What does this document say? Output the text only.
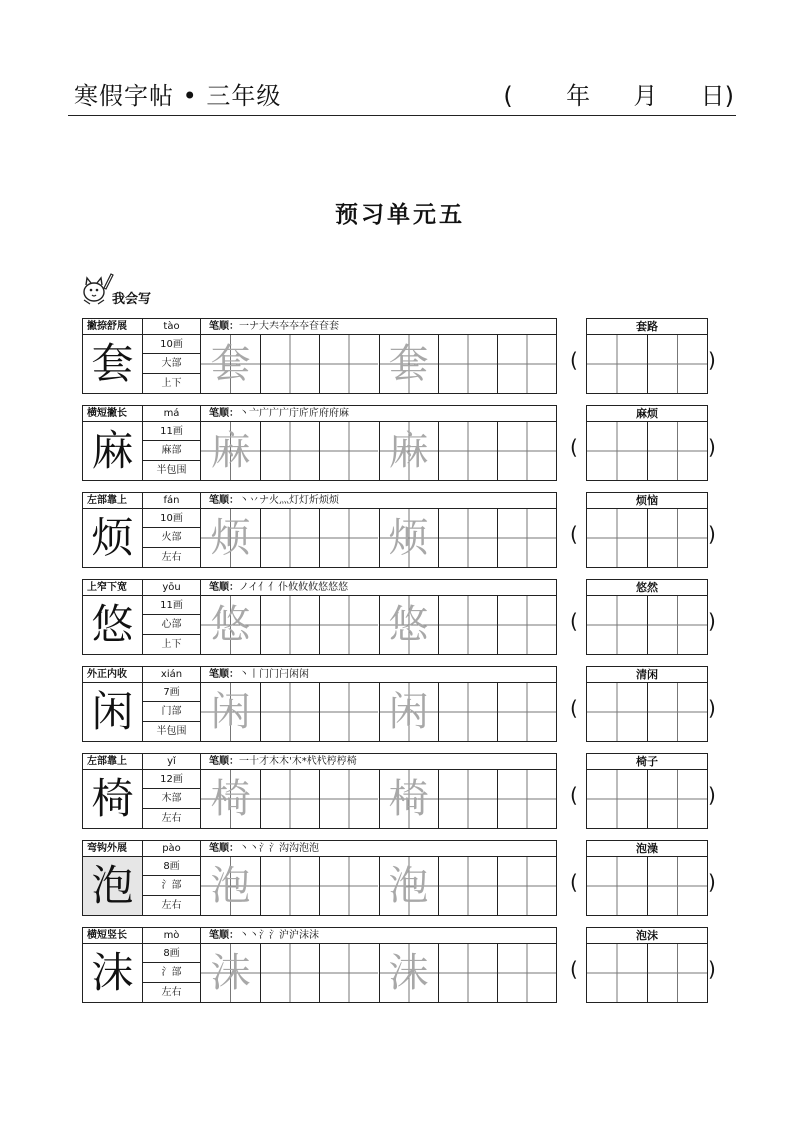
寒假字帖 • 三年级	( 年 月 日)
预习单元五
我会写
撇捺舒展	tào	笔顺：一ナ大𡗗夲夲夲奆奆套
套	10画
大部
上下 套	套	(
套路
)
横短撇长	má	笔顺：丶亠广广广庁庍庍府府麻
麻	11画
麻部
半包围 麻	麻	(
麻烦
)
左部靠上	fán	笔顺：丶丷ナ火灬灯灯炘烦烦
烦	10画
火部
左右 烦	烦	(
烦恼
)
上窄下宽	yōu	笔顺：ノイ亻亻仆攸攸攸悠悠悠
悠	11画
心部
上下 悠	悠	(
悠然
)
外正内收	xián	笔顺：丶丨门门闩闲闲
闲	7画
门部
半包围 闲	闲	(
清闲
)
左部靠上	yǐ	笔顺：一十才木木'木*杙杙梈梈椅
椅	12画
木部
左右 椅	椅	(
椅子
)
弯钩外展	pào	笔顺：丶丶氵氵沟沟泡泡
泡	8画
氵部
左右 泡	泡	(
泡澡
)
横短竖长	mò	笔顺：丶丶氵氵沪沪沫沫
沫	8画
氵部
左右 沫	沫	(
泡沫
)
